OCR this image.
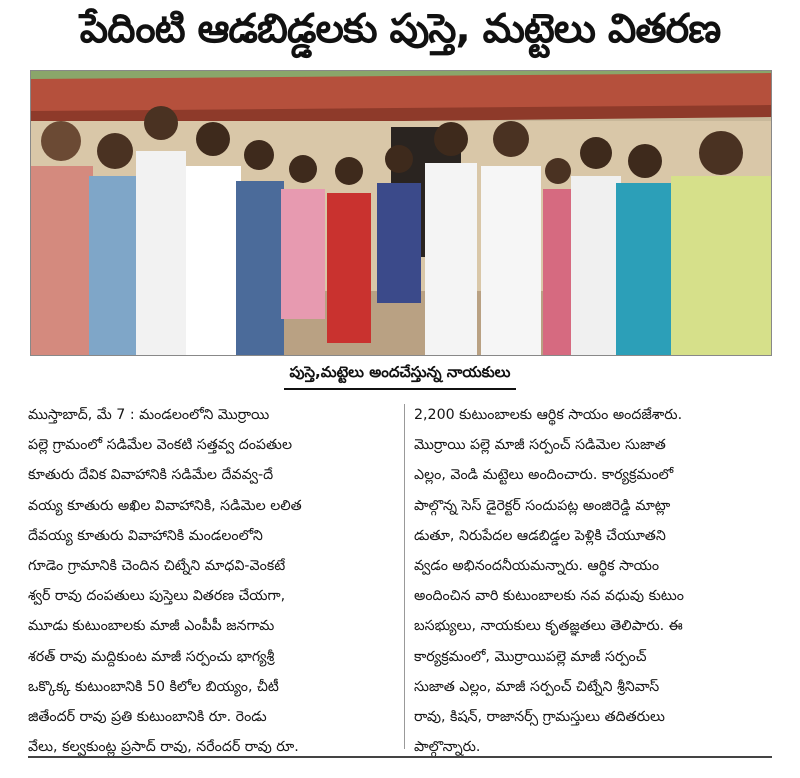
పేదింటి ఆడబిడ్డలకు పుస్తె, మట్టెలు వితరణ
పుస్తె,మట్టెలు అందచేస్తున్న నాయకులు
ముస్తాబాద్, మే 7 : మండలంలోని మొర్రాయి
పల్లె గ్రామంలో సడిమేల వెంకటి సత్తవ్వ దంపతుల
కూతురు దేవిక వివాహానికి సడిమేల దేవవ్వ-దే
వయ్య కూతురు అఖిల వివాహానికి, సడిమెల లలిత
దేవయ్య కూతురు వివాహానికి మండలంలోని
గూడెం గ్రామానికి చెందిన చిట్నేని మాధవి-వెంకటే
శ్వర్ రావు దంపతులు పుస్తెలు వితరణ చేయగా,
మూడు కుటుంబాలకు మాజీ ఎంపీపీ జనగామ
శరత్ రావు మద్దికుంట మాజీ సర్పంచు భాగ్యశ్రీ
ఒక్కొక్క కుటుంబానికి 50 కిలోల బియ్యం, చీటీ
జితేందర్ రావు ప్రతి కుటుంబానికి రూ. రెండు
వేలు, కల్వకుంట్ల ప్రసాద్ రావు, నరేందర్ రావు రూ.
2,200 కుటుంబాలకు ఆర్థిక సాయం అందజేశారు.
మొర్రాయి పల్లె మాజీ సర్పంచ్ సడిమెల సుజాత
ఎల్లం, వెండి మట్టెలు అందించారు. కార్యక్రమంలో
పాల్గొన్న సెస్ డైరెక్టర్ సందుపట్ల అంజిరెడ్డి మాట్లా
డుతూ, నిరుపేదల ఆడబిడ్డల పెళ్లికి చేయూతని
వ్వడం అభినందనీయమన్నారు. ఆర్థిక సాయం
అందించిన వారి కుటుంబాలకు నవ వధువు కుటుం
బసభ్యులు, నాయకులు కృతజ్ఞతలు తెలిపారు. ఈ
కార్యక్రమంలో, మొర్రాయిపల్లె మాజీ సర్పంచ్
సుజాత ఎల్లం, మాజీ సర్పంచ్ చిట్నేని శ్రీనివాస్
రావు, కిషన్, రాజానర్స్ గ్రామస్తులు తదితరులు
పాల్గొన్నారు.
